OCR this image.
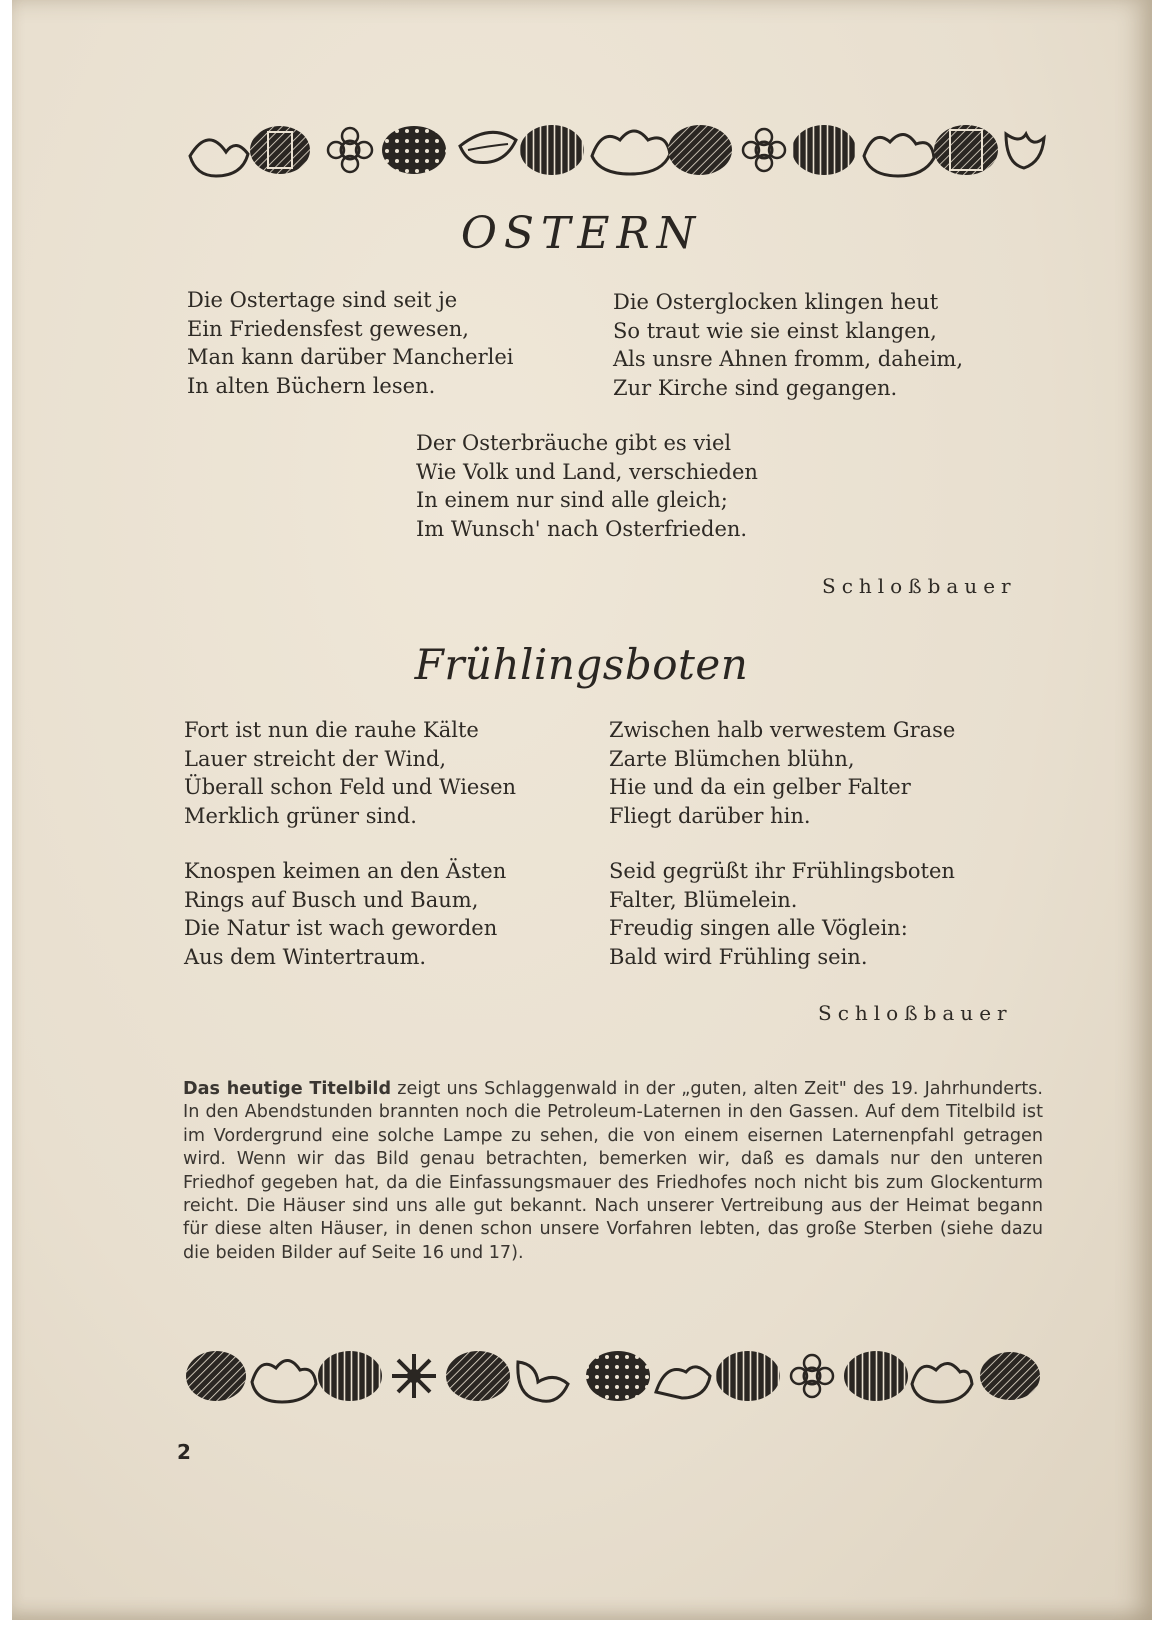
OSTERN
Die Ostertage sind seit je
Ein Friedensfest gewesen,
Man kann darüber Mancherlei
In alten Büchern lesen.
Die Osterglocken klingen heut
So traut wie sie einst klangen,
Als unsre Ahnen fromm, daheim,
Zur Kirche sind gegangen.
Der Osterbräuche gibt es viel
Wie Volk und Land, verschieden
In einem nur sind alle gleich;
Im Wunsch' nach Osterfrieden.
Schloßbauer
Frühlingsboten
Fort ist nun die rauhe Kälte
Lauer streicht der Wind,
Überall schon Feld und Wiesen
Merklich grüner sind.
Zwischen halb verwestem Grase
Zarte Blümchen blühn,
Hie und da ein gelber Falter
Fliegt darüber hin.
Knospen keimen an den Ästen
Rings auf Busch und Baum,
Die Natur ist wach geworden
Aus dem Wintertraum.
Seid gegrüßt ihr Frühlingsboten
Falter, Blümelein.
Freudig singen alle Vöglein:
Bald wird Frühling sein.
Schloßbauer

Das heutige Titelbild zeigt uns Schlaggenwald in der „guten, alten Zeit" des 19. Jahrhunderts. In den Abendstunden brannten noch die Petroleum-Laternen in den Gassen. Auf dem Titelbild ist im Vordergrund eine solche Lampe zu sehen, die von einem eisernen Laternenpfahl getragen wird. Wenn wir das Bild genau betrachten, bemerken wir, daß es damals nur den unteren Friedhof gegeben hat, da die Einfassungsmauer des Friedhofes noch nicht bis zum Glockenturm reicht. Die Häuser sind uns alle gut bekannt. Nach unserer Vertreibung aus der Heimat begann für diese alten Häuser, in denen schon unsere Vorfahren lebten, das große Sterben (siehe dazu die beiden Bilder auf Seite 16 und 17).

2
